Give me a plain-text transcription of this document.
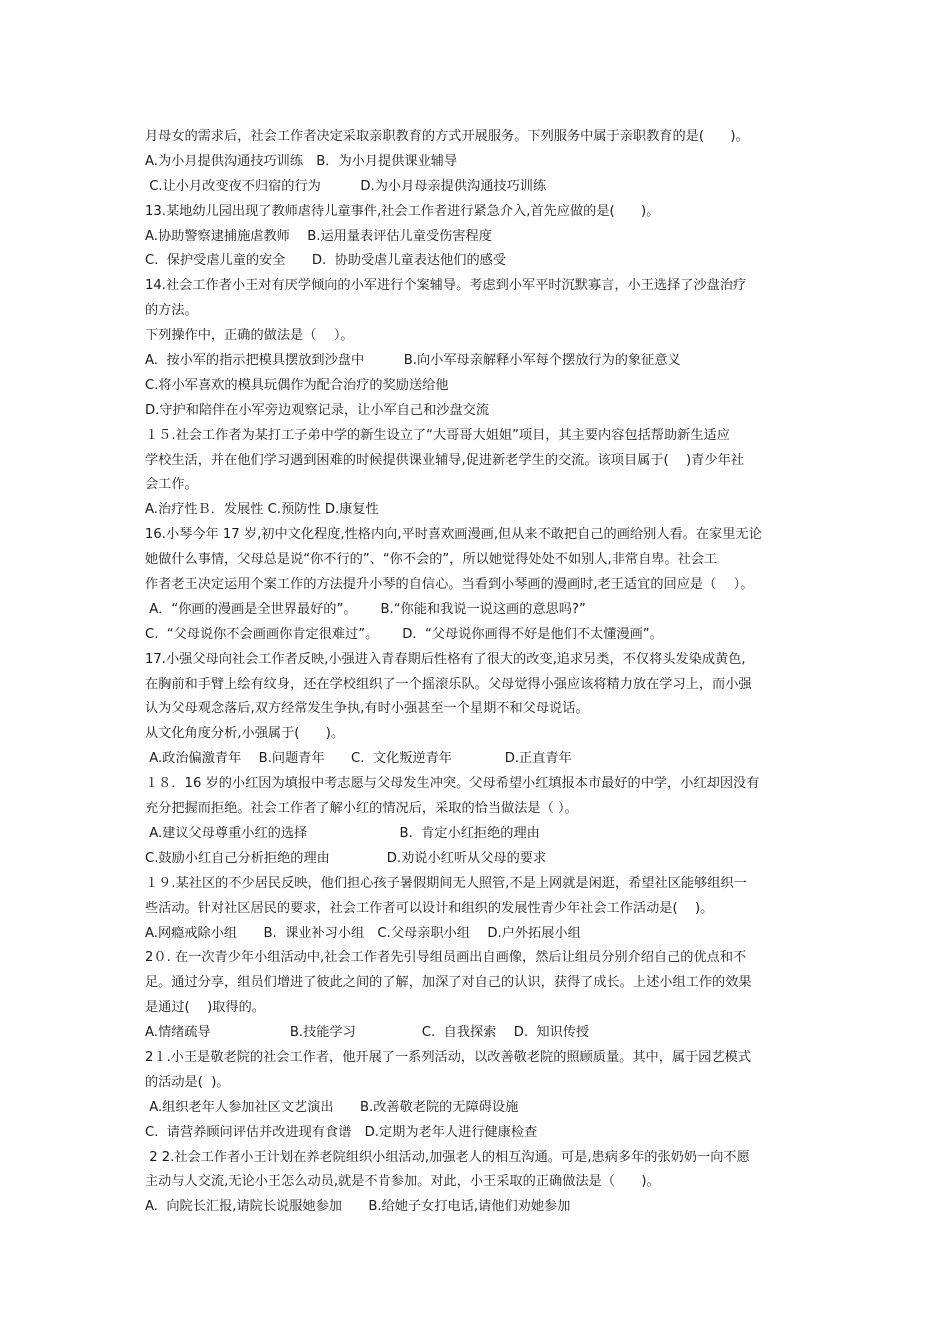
月母女的需求后，社会工作者决定采取亲职教育的方式开展服务。下列服务中属于亲职教育的是(　　)。
A.为小月提供沟通技巧训练　B．为小月提供课业辅导
C.让小月改变夜不归宿的行为　　　D.为小月母亲提供沟通技巧训练
13.某地幼儿园出现了教师虐待儿童事件,社会工作者进行紧急介入,首先应做的是(　　)。
A.协助警察逮捕施虐教师　 B.运用量表评估儿童受伤害程度
C.  保护受虐儿童的安全　　D.  协助受虐儿童表达他们的感受
14.社会工作者小王对有厌学倾向的小军进行个案辅导。考虑到小军平时沉默寡言，小王选择了沙盘治疗
的方法。
下列操作中，正确的做法是（　 ）。
A.  按小军的指示把模具摆放到沙盘中　　　B.向小军母亲解释小军每个摆放行为的象征意义
C.将小军喜欢的模具玩偶作为配合治疗的奖励送给他
D.守护和陪伴在小军旁边观察记录，让小军自己和沙盘交流
１５.社会工作者为某打工子弟中学的新生设立了“大哥哥大姐姐”项目，其主要内容包括帮助新生适应
学校生活，并在他们学习遇到困难的时候提供课业辅导,促进新老学生的交流。该项目属于(　 )青少年社
会工作。
A.治疗性Ｂ．发展性 C.预防性 D.康复性
16.小琴今年 17 岁,初中文化程度,性格内向,平时喜欢画漫画,但从来不敢把自己的画给别人看。在家里无论
她做什么事情，父母总是说“你不行的”、“你不会的”，所以她觉得处处不如别人,非常自卑。社会工
作者老王决定运用个案工作的方法提升小琴的自信心。当看到小琴画的漫画时,老王适宜的回应是（　 ）。
A．“你画的漫画是全世界最好的”。　　 B.“你能和我说一说这画的意思吗?”
C.  “父母说你不会画画你肯定很难过”。　　 D.  “父母说你画得不好是他们不太懂漫画”。
17.小强父母向社会工作者反映,小强进入青春期后性格有了很大的改变,追求另类，不仅将头发染成黄色,
在胸前和手臂上绘有纹身，还在学校组织了一个摇滚乐队。父母觉得小强应该将精力放在学习上，而小强
认为父母观念落后,双方经常发生争执,有时小强甚至一个星期不和父母说话。
从文化角度分析,小强属于(　　)。
A.政治偏激青年　 B.问题青年　　C.  文化叛逆青年　　　　D.正直青年
１８．16 岁的小红因为填报中考志愿与父母发生冲突。父母希望小红填报本市最好的中学，小红却因没有
充分把握而拒绝。社会工作者了解小红的情况后，采取的恰当做法是（ ）。
A.建议父母尊重小红的选择　　　　　　　B.  肯定小红拒绝的理由
C.鼓励小红自己分析拒绝的理由　　　　 D.劝说小红听从父母的要求
１９.某社区的不少居民反映，他们担心孩子暑假期间无人照管,不是上网就是闲逛，希望社区能够组织一
些活动。针对社区居民的要求，社会工作者可以设计和组织的发展性青少年社会工作活动是(　 )。
A.网瘾戒除小组　　B.  课业补习小组　C.父母亲职小组　 D.户外拓展小组
2０. 在一次青少年小组活动中,社会工作者先引导组员画出自画像，然后让组员分别介绍自己的优点和不
足。通过分享，组员们增进了彼此之间的了解，加深了对自己的认识，获得了成长。上述小组工作的效果
是通过(　 )取得的。
A.情绪疏导　　　　　　B.技能学习　　　　　C.  自我探索　 D.  知识传授
2１.小王是敬老院的社会工作者，他开展了一系列活动，以改善敬老院的照顾质量。其中，属于园艺模式
的活动是(  )。
A.组织老年人参加社区文艺演出　　B.改善敬老院的无障碍设施
C.  请营养顾问评估并改进现有食谱　D.定期为老年人进行健康检查
2 2.社会工作者小王计划在养老院组织小组活动,加强老人的相互沟通。可是,患病多年的张奶奶一向不愿
主动与人交流,无论小王怎么动员,就是不肯参加。对此，小王采取的正确做法是（　　)。
A.  向院长汇报,请院长说服她参加　　B.给她子女打电话,请他们劝她参加
